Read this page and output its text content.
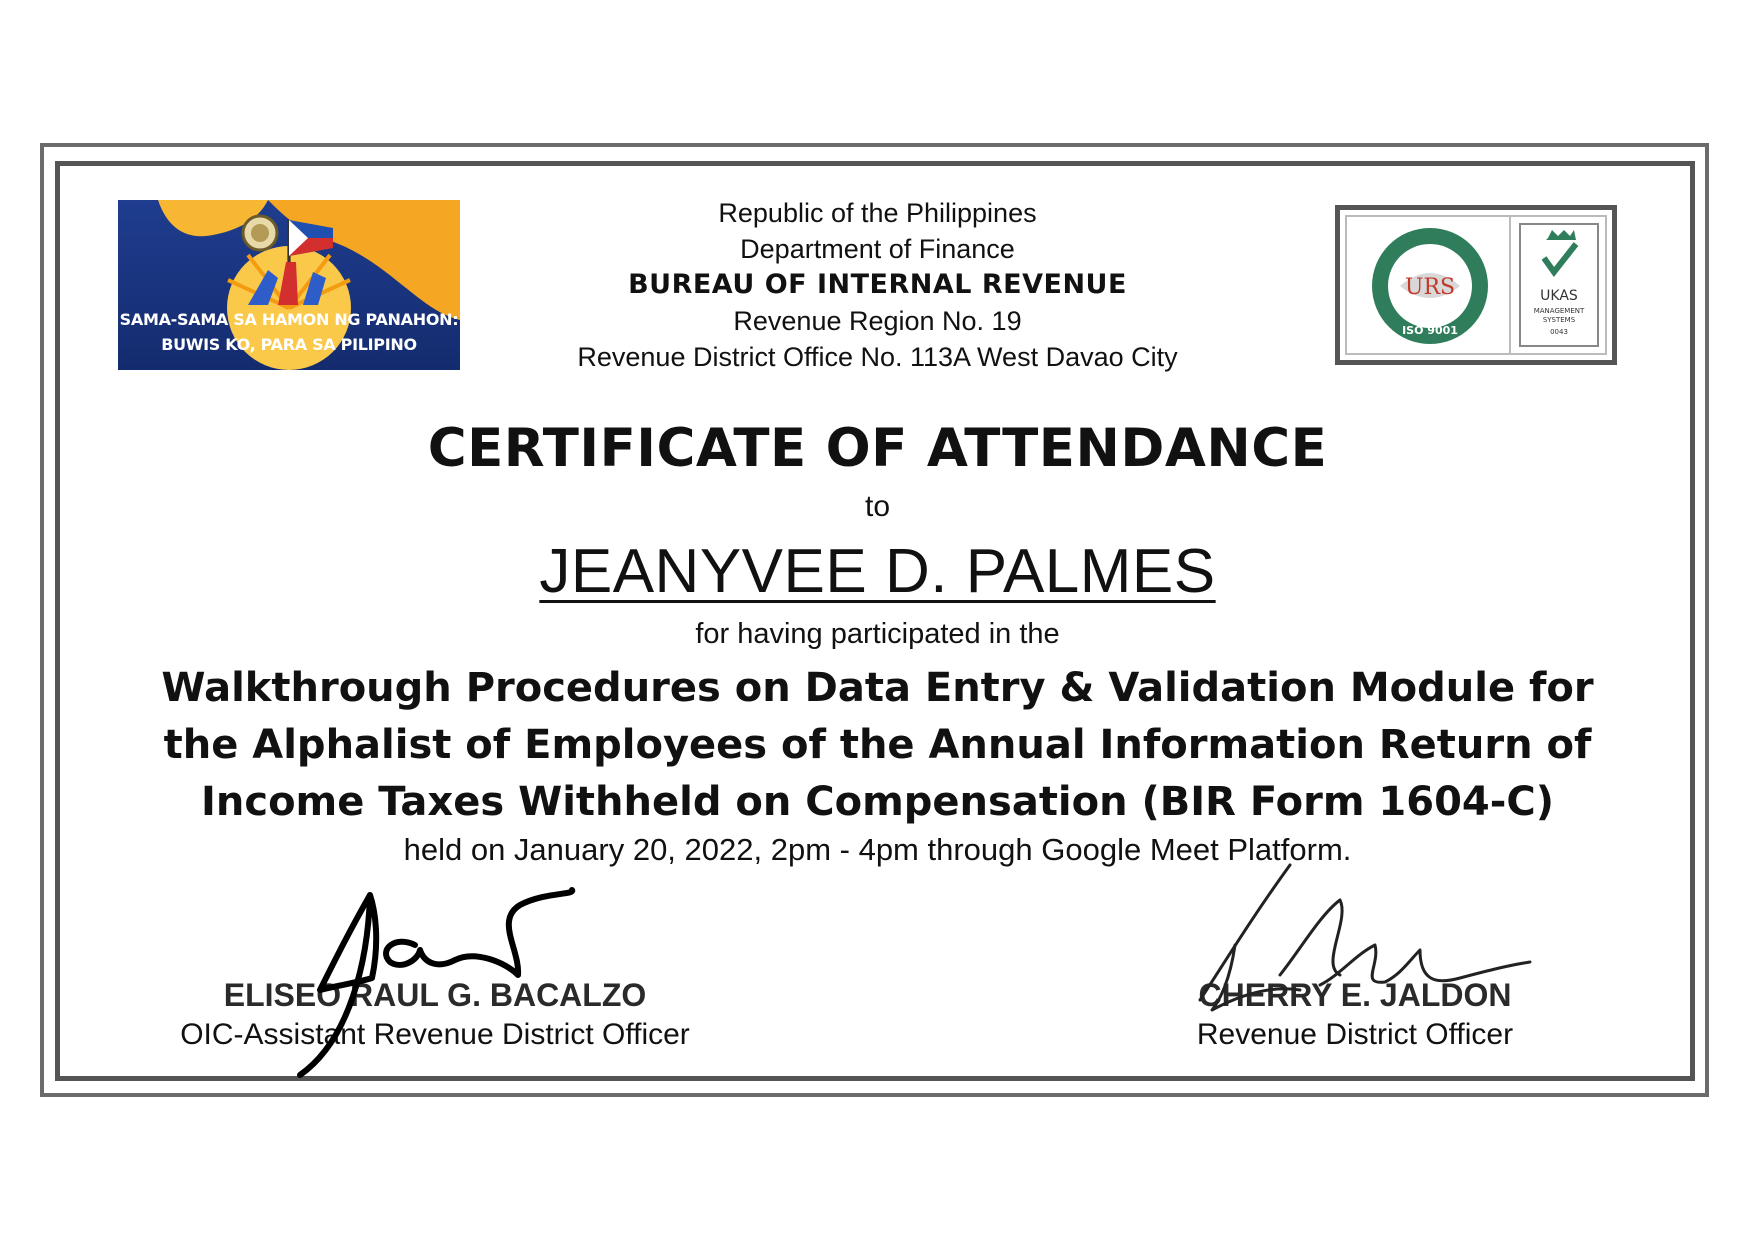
SAMA-SAMA SA HAMON NG PANAHON:
BUWIS KO, PARA SA PILIPINO
Republic of the Philippines
Department of Finance
BUREAU OF INTERNAL REVENUE
Revenue Region No. 19
Revenue District Office No. 113A West Davao City
URS
ISO 9001
UKAS
MANAGEMENT
SYSTEMS
0043
CERTIFICATE OF ATTENDANCE
to
JEANYVEE D. PALMES
for having participated in the
Walkthrough Procedures on Data Entry & Validation Module for
the Alphalist of Employees of the Annual Information Return of
Income Taxes Withheld on Compensation (BIR Form 1604-C)
held on January 20, 2022, 2pm - 4pm through Google Meet Platform.
ELISEO RAUL G. BACALZO
OIC-Assistant Revenue District Officer
CHERRY E. JALDON
Revenue District Officer
